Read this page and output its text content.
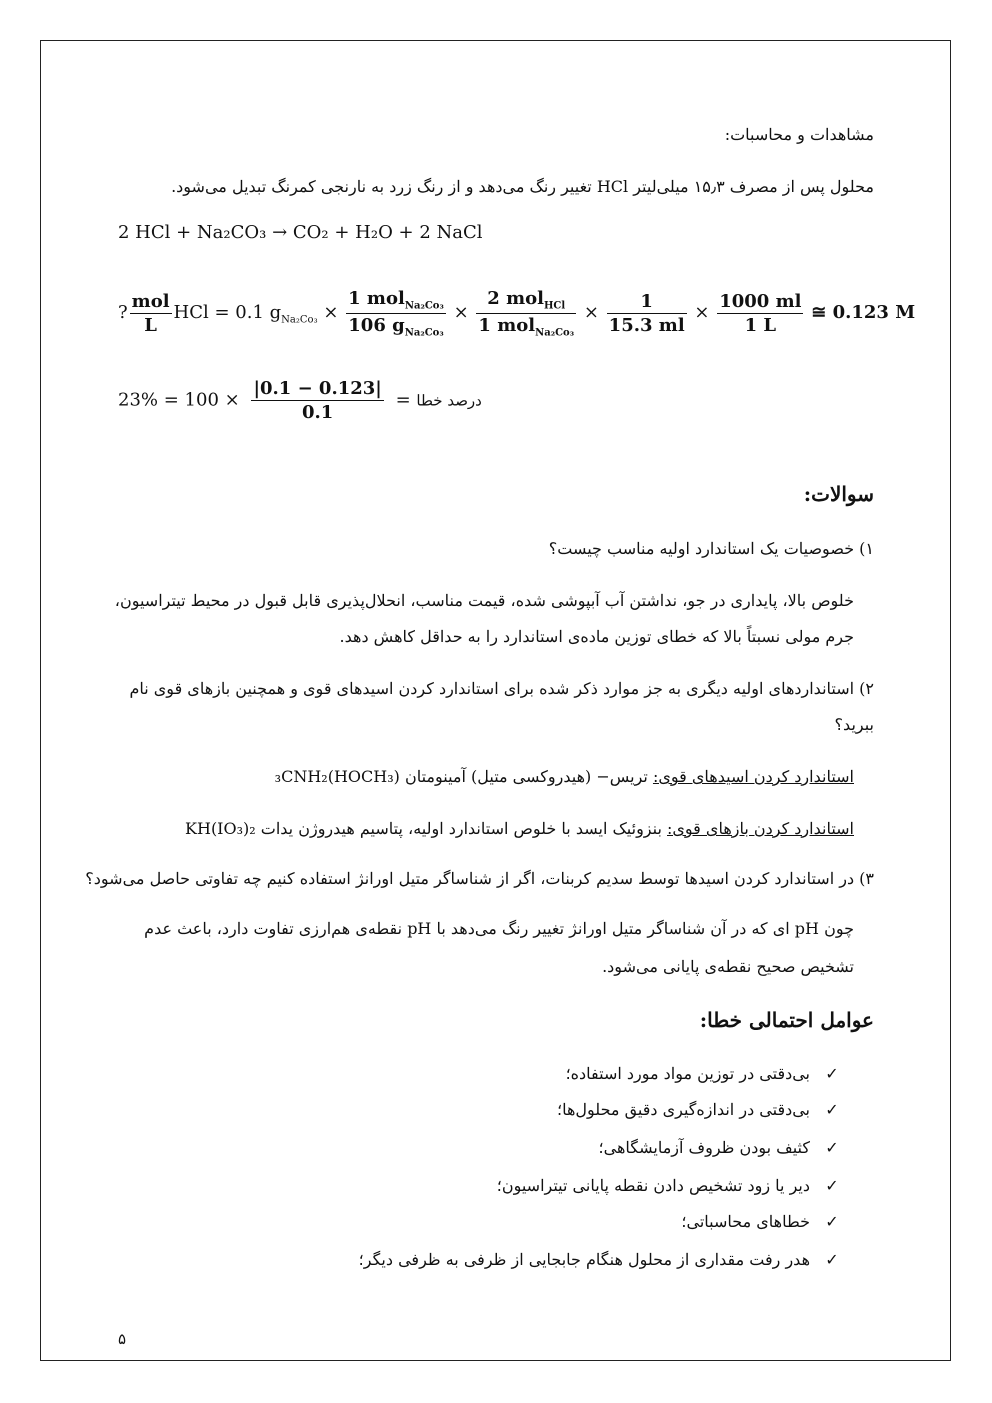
مشاهدات و محاسبات:
محلول پس از مصرف ۱۵٫۳ میلی‌لیتر HCl تغییر رنگ می‌دهد و از رنگ زرد به نارنجی کمرنگ تبدیل می‌شود.
2 HCl + Na₂CO₃ → CO₂ + H₂O + 2 NaCl
? $\frac{\text{mol}}{L}$ HCl = 0.1 $g_{Na_2Co_3} \times \frac{1 mol_{Na_2Co_3}}{106 g_{Na_2Co_3}} \times \frac{2 mol_{HCl}}{1 mol_{Na_2Co_3}} \times \frac{1}{15.3 ml} \times \frac{1000 ml}{1 L}$ ≅ 0.123 M
درصد خطا =
$\frac{|0.1 - 0.123|}{0.1}$
× 100 = 23%
سوالات:
۱) خصوصیات یک استاندارد اولیه مناسب چیست؟
خلوص بالا، پایداری در جو، نداشتن آب آبپوشی شده، قیمت مناسب، انحلال‌پذیری قابل قبول در محیط تیتراسیون،
جرم مولی نسبتاً بالا که خطای توزین ماده‌ی استاندارد را به حداقل کاهش دهد.
۲) استانداردهای اولیه دیگری به جز موارد ذکر شده برای استاندارد کردن اسیدهای قوی و همچنین بازهای قوی نام
ببرید؟
استاندارد کردن اسیدهای قوی: تریس− (هیدروکسی متیل) آمینومتان (HOCH₃)₃CNH₂
استاندارد کردن بازهای قوی: بنزوئیک ایسد با خلوص استاندارد اولیه، پتاسیم هیدروژن یدات KH(IO₃)₂
۳) در استاندارد کردن اسیدها توسط سدیم کربنات، اگر از شناساگر متیل اورانژ استفاده کنیم چه تفاوتی حاصل می‌شود؟
چون pH ای که در آن شناساگر متیل اورانژ تغییر رنگ می‌دهد با pH نقطه‌ی هم‌ارزی تفاوت دارد، باعث عدم
تشخیص صحیح نقطه‌ی پایانی می‌شود.
عوامل احتمالی خطا:
✓بی‌دقتی در توزین مواد مورد استفاده؛
✓بی‌دقتی در اندازه‌گیری دقیق محلول‌ها؛
✓کثیف بودن ظروف آزمایشگاهی؛
✓دیر یا زود تشخیص دادن نقطه پایانی تیتراسیون؛
✓خطاهای محاسباتی؛
✓هدر رفت مقداری از محلول هنگام جابجایی از ظرفی به ظرفی دیگر؛
۵
